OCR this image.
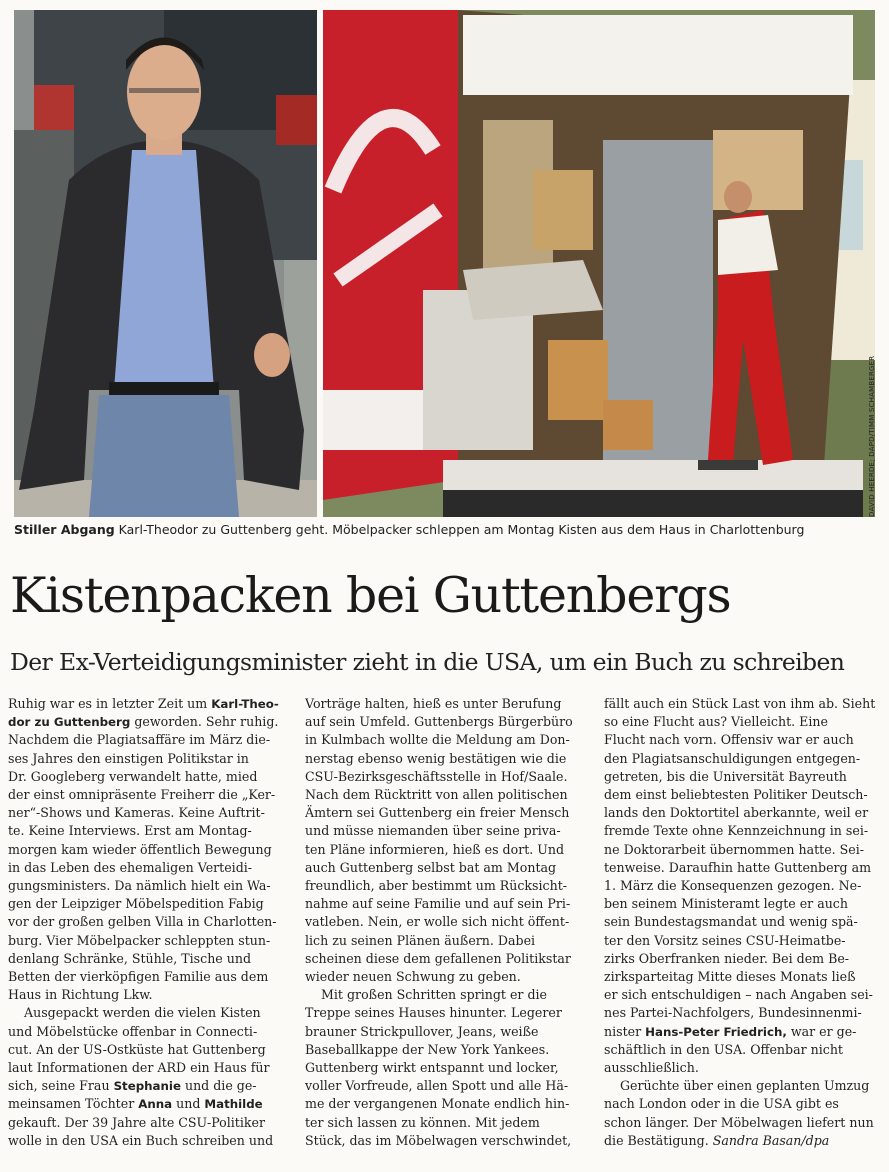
DAVID HEERDE; DAPD/TIMM SCHAMBERGER
Stiller Abgang Karl-Theodor zu Guttenberg geht. Möbelpacker schleppen am Montag Kisten aus dem Haus in Charlottenburg
Kistenpacken bei Guttenbergs
Der Ex-Verteidigungsminister zieht in die USA, um ein Buch zu schreiben
Ruhig war es in letzter Zeit um Karl-Theo-
dor zu Guttenberg geworden. Sehr ruhig.
Nachdem die Plagiatsaffäre im März die-
ses Jahres den einstigen Politikstar in
Dr. Googleberg verwandelt hatte, mied
der einst omnipräsente Freiherr die „Ker-
ner“-Shows und Kameras. Keine Auftrit-
te. Keine Interviews. Erst am Montag-
morgen kam wieder öffentlich Bewegung
in das Leben des ehemaligen Verteidi-
gungsministers. Da nämlich hielt ein Wa-
gen der Leipziger Möbelspedition Fabig
vor der großen gelben Villa in Charlotten-
burg. Vier Möbelpacker schleppten stun-
denlang Schränke, Stühle, Tische und
Betten der vierköpfigen Familie aus dem
Haus in Richtung Lkw.
Ausgepackt werden die vielen Kisten
und Möbelstücke offenbar in Connecti-
cut. An der US-Ostküste hat Guttenberg
laut Informationen der ARD ein Haus für
sich, seine Frau Stephanie und die ge-
meinsamen Töchter Anna und Mathilde
gekauft. Der 39 Jahre alte CSU-Politiker
wolle in den USA ein Buch schreiben und
Vorträge halten, hieß es unter Berufung
auf sein Umfeld. Guttenbergs Bürgerbüro
in Kulmbach wollte die Meldung am Don-
nerstag ebenso wenig bestätigen wie die
CSU-Bezirksgeschäftsstelle in Hof/Saale.
Nach dem Rücktritt von allen politischen
Ämtern sei Guttenberg ein freier Mensch
und müsse niemanden über seine priva-
ten Pläne informieren, hieß es dort. Und
auch Guttenberg selbst bat am Montag
freundlich, aber bestimmt um Rücksicht-
nahme auf seine Familie und auf sein Pri-
vatleben. Nein, er wolle sich nicht öffent-
lich zu seinen Plänen äußern. Dabei
scheinen diese dem gefallenen Politikstar
wieder neuen Schwung zu geben.
Mit großen Schritten springt er die
Treppe seines Hauses hinunter. Legerer
brauner Strickpullover, Jeans, weiße
Baseballkappe der New York Yankees.
Guttenberg wirkt entspannt und locker,
voller Vorfreude, allen Spott und alle Hä-
me der vergangenen Monate endlich hin-
ter sich lassen zu können. Mit jedem
Stück, das im Möbelwagen verschwindet,
fällt auch ein Stück Last von ihm ab. Sieht
so eine Flucht aus? Vielleicht. Eine
Flucht nach vorn. Offensiv war er auch
den Plagiatsanschuldigungen entgegen-
getreten, bis die Universität Bayreuth
dem einst beliebtesten Politiker Deutsch-
lands den Doktortitel aberkannte, weil er
fremde Texte ohne Kennzeichnung in sei-
ne Doktorarbeit übernommen hatte. Sei-
tenweise. Daraufhin hatte Guttenberg am
1. März die Konsequenzen gezogen. Ne-
ben seinem Ministeramt legte er auch
sein Bundestagsmandat und wenig spä-
ter den Vorsitz seines CSU-Heimatbe-
zirks Oberfranken nieder. Bei dem Be-
zirksparteitag Mitte dieses Monats ließ
er sich entschuldigen – nach Angaben sei-
nes Partei-Nachfolgers, Bundesinnenmi-
nister Hans-Peter Friedrich, war er ge-
schäftlich in den USA. Offenbar nicht
ausschließlich.
Gerüchte über einen geplanten Umzug
nach London oder in die USA gibt es
schon länger. Der Möbelwagen liefert nun
die Bestätigung. Sandra Basan/dpa
